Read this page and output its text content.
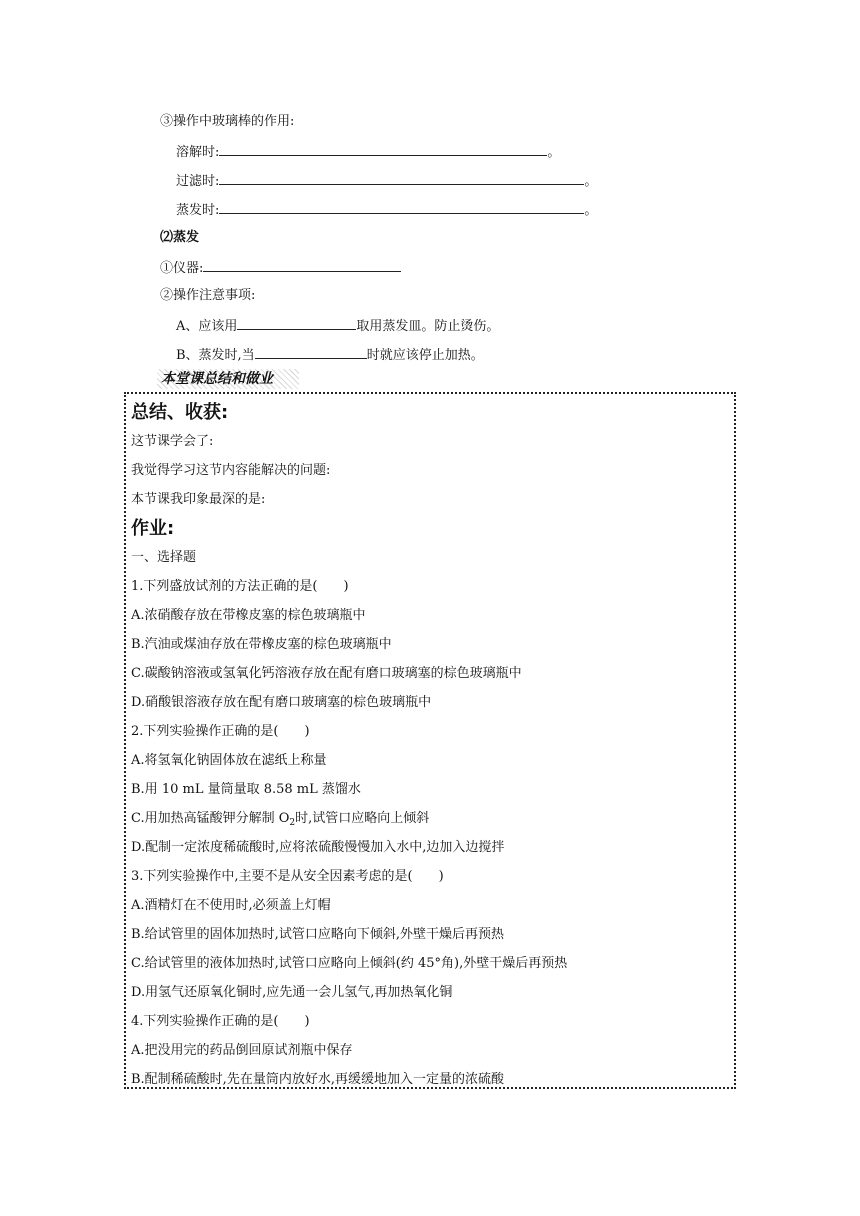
③操作中玻璃棒的作用:
溶解时:	。
过滤时:	。
蒸发时:	。
⑵蒸发
①仪器:
②操作注意事项:
A、应该用	取用蒸发皿。防止烫伤。
B、蒸发时,当	时就应该停止加热。
本堂课总结和做业
总结、收获:
这节课学会了:
我觉得学习这节内容能解决的问题:
本节课我印象最深的是:
作业:
一、选择题
1.下列盛放试剂的方法正确的是(　　)
A.浓硝酸存放在带橡皮塞的棕色玻璃瓶中
B.汽油或煤油存放在带橡皮塞的棕色玻璃瓶中
C.碳酸钠溶液或氢氧化钙溶液存放在配有磨口玻璃塞的棕色玻璃瓶中
D.硝酸银溶液存放在配有磨口玻璃塞的棕色玻璃瓶中
2.下列实验操作正确的是(　　)
A.将氢氧化钠固体放在滤纸上称量
B.用 10 mL 量筒量取 8.58 mL 蒸馏水
C.用加热高锰酸钾分解制 $O_2$时,试管口应略向上倾斜
D.配制一定浓度稀硫酸时,应将浓硫酸慢慢加入水中,边加入边搅拌
3.下列实验操作中,主要不是从安全因素考虑的是(　　)
A.酒精灯在不使用时,必须盖上灯帽
B.给试管里的固体加热时,试管口应略向下倾斜,外壁干燥后再预热
C.给试管里的液体加热时,试管口应略向上倾斜(约 45°角),外壁干燥后再预热
D.用氢气还原氧化铜时,应先通一会儿氢气,再加热氧化铜
4.下列实验操作正确的是(　　)
A.把没用完的药品倒回原试剂瓶中保存
B.配制稀硫酸时,先在量筒内放好水,再缓缓地加入一定量的浓硫酸
